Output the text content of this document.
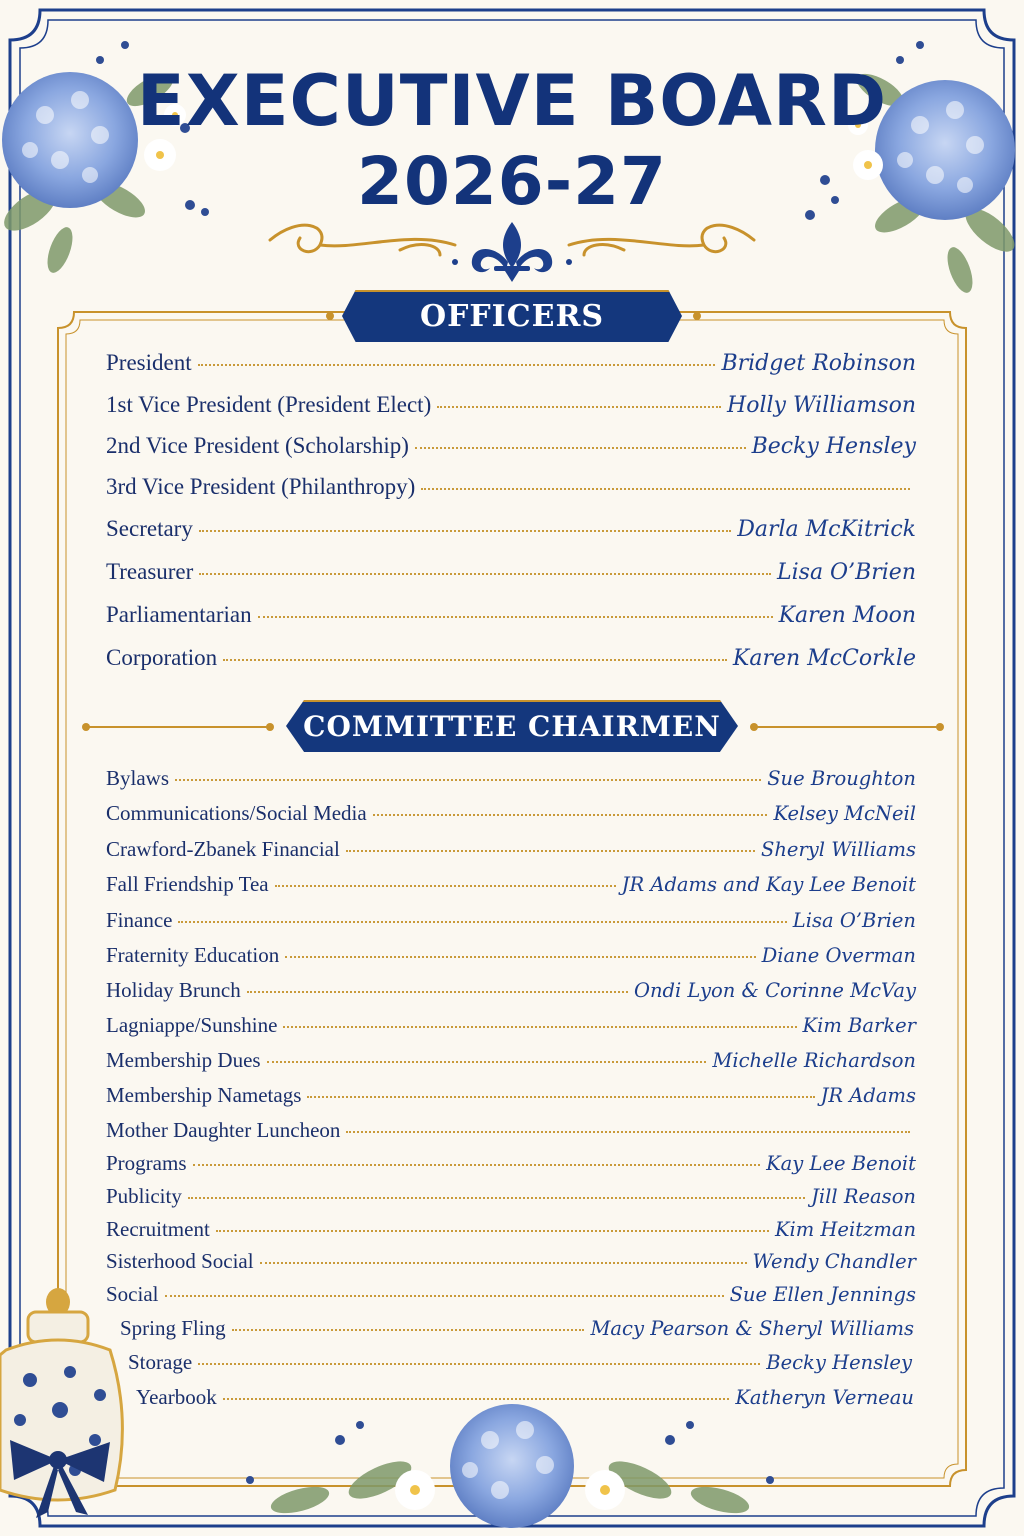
EXECUTIVE BOARD
2026-27
OFFICERS
President	Bridget Robinson
1st Vice President (President Elect)	Holly Williamson
2nd Vice President (Scholarship)	Becky Hensley
3rd Vice President (Philanthropy)
Secretary	Darla McKitrick
Treasurer	Lisa O’Brien
Parliamentarian	Karen Moon
Corporation	Karen McCorkle
COMMITTEE CHAIRMEN
Bylaws	Sue Broughton
Communications/Social Media	Kelsey McNeil
Crawford-Zbanek Financial	Sheryl Williams
Fall Friendship Tea	JR Adams and Kay Lee Benoit
Finance	Lisa O’Brien
Fraternity Education	Diane Overman
Holiday Brunch	Ondi Lyon & Corinne McVay
Lagniappe/Sunshine	Kim Barker
Membership Dues	Michelle Richardson
Membership Nametags	JR Adams
Mother Daughter Luncheon
Programs	Kay Lee Benoit
Publicity	Jill Reason
Recruitment	Kim Heitzman
Sisterhood Social	Wendy Chandler
Social	Sue Ellen Jennings
Spring Fling	Macy Pearson & Sheryl Williams
Storage	Becky Hensley
Yearbook	Katheryn Verneau
